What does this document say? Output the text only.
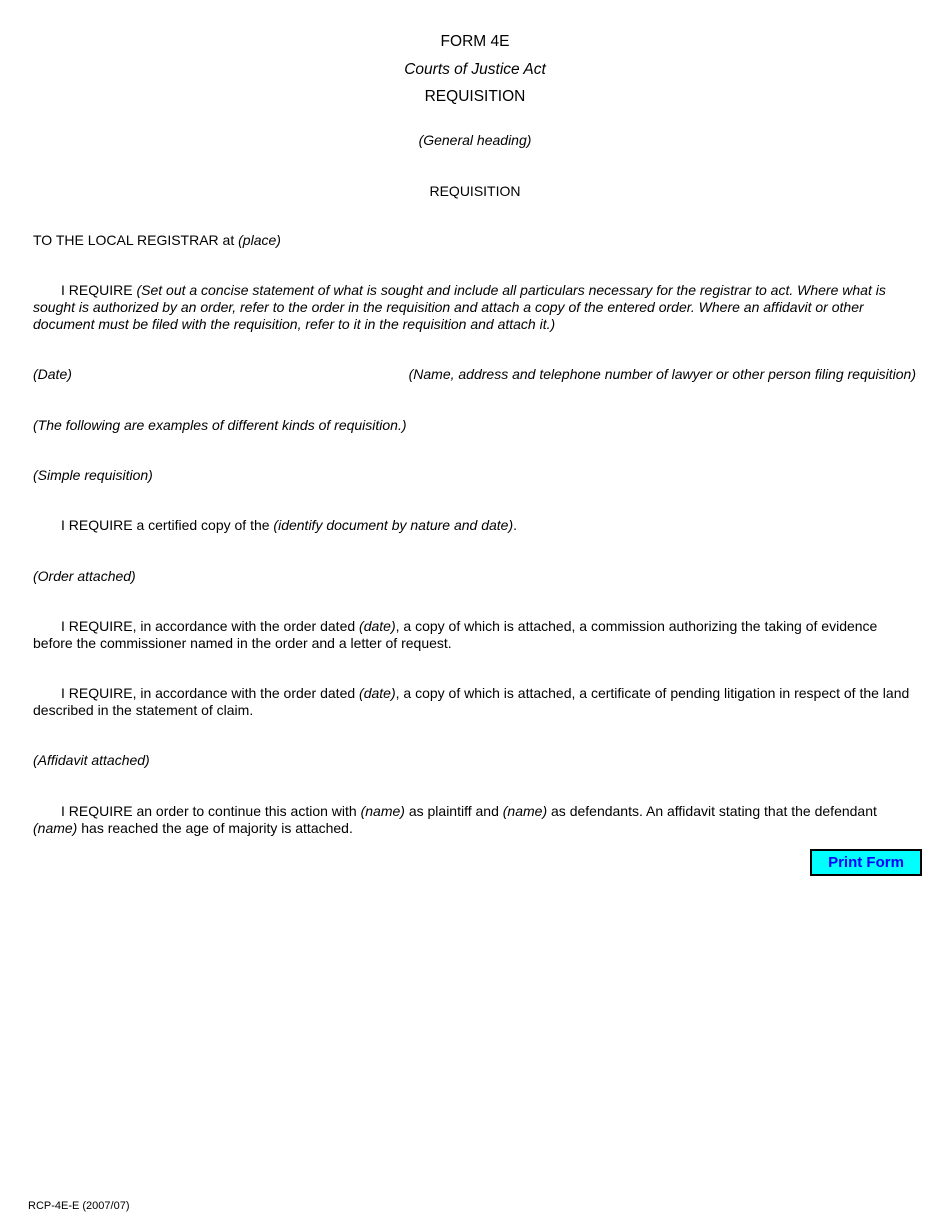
FORM 4E
Courts of Justice Act
REQUISITION
(General heading)
REQUISITION
TO THE LOCAL REGISTRAR at (place)
I REQUIRE (Set out a concise statement of what is sought and include all particulars necessary for the registrar to act. Where what is sought is authorized by an order, refer to the order in the requisition and attach a copy of the entered order. Where an affidavit or other document must be filed with the requisition, refer to it in the requisition and attach it.)
(Date)	(Name, address and telephone number of lawyer or other person filing requisition)
(The following are examples of different kinds of requisition.)
(Simple requisition)
I REQUIRE a certified copy of the (identify document by nature and date).
(Order attached)
I REQUIRE, in accordance with the order dated (date), a copy of which is attached, a commission authorizing the taking of evidence before the commissioner named in the order and a letter of request.
I REQUIRE, in accordance with the order dated (date), a copy of which is attached, a certificate of pending litigation in respect of the land described in the statement of claim.
(Affidavit attached)
I REQUIRE an order to continue this action with (name) as plaintiff and (name) as defendants. An affidavit stating that the defendant (name) has reached the age of majority is attached.
Print Form
RCP-4E-E (2007/07)
